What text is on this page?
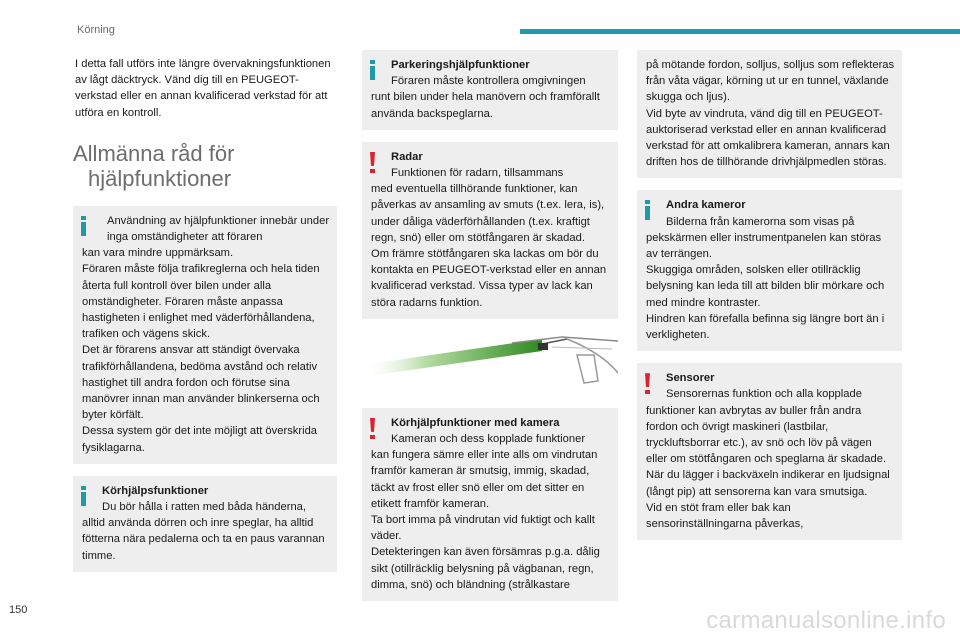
Körning

I detta fall utförs inte längre övervakningsfunktionen av lågt däcktryck. Vänd dig till en PEUGEOT-verkstad eller en annan kvalificerad verkstad för att utföra en kontroll.

Allmänna råd för
hjälpfunktioner
Användning av hjälpfunktioner innebär under inga omständigheter att föraren
kan vara mindre uppmärksam.
Föraren måste följa trafikreglerna och hela tiden återta full kontroll över bilen under alla omständigheter. Föraren måste anpassa hastigheten i enlighet med väderförhållandena, trafiken och vägens skick.
Det är förarens ansvar att ständigt övervaka trafikförhållandena, bedöma avstånd och relativ hastighet till andra fordon och förutse sina manövrer innan man använder blinkerserna och byter körfält.
Dessa system gör det inte möjligt att överskrida fysiklagarna.
Körhjälpsfunktioner
Du bör hålla i ratten med båda händerna,
alltid använda dörren och inre speglar, ha alltid fötterna nära pedalerna och ta en paus varannan timme.
Parkeringshjälpfunktioner
Föraren måste kontrollera omgivningen
runt bilen under hela manövern och framförallt använda backspeglarna.
Radar
Funktionen för radarn, tillsammans
med eventuella tillhörande funktioner, kan påverkas av ansamling av smuts (t.ex. lera, is), under dåliga väderförhållanden (t.ex. kraftigt regn, snö) eller om stötfångaren är skadad.
Om främre stötfångaren ska lackas om bör du kontakta en PEUGEOT-verkstad eller en annan kvalificerad verkstad. Vissa typer av lack kan störa radarns funktion.
Körhjälpfunktioner med kamera
Kameran och dess kopplade funktioner
kan fungera sämre eller inte alls om vindrutan framför kameran är smutsig, immig, skadad, täckt av frost eller snö eller om det sitter en etikett framför kameran.
Ta bort imma på vindrutan vid fuktigt och kallt väder.
Detekteringen kan även försämras p.g.a. dålig sikt (otillräcklig belysning på vägbanan, regn, dimma, snö) och bländning (strålkastare
på mötande fordon, solljus, solljus som reflekteras från våta vägar, körning ut ur en tunnel, växlande skugga och ljus).
Vid byte av vindruta, vänd dig till en PEUGEOT-auktoriserad verkstad eller en annan kvalificerad verkstad för att omkalibrera kameran, annars kan driften hos de tillhörande drivhjälpmedlen störas.
Andra kameror
Bilderna från kamerorna som visas på
pekskärmen eller instrumentpanelen kan störas av terrängen.
Skuggiga områden, solsken eller otillräcklig belysning kan leda till att bilden blir mörkare och med mindre kontraster.
Hindren kan förefalla befinna sig längre bort än i verkligheten.
Sensorer
Sensorernas funktion och alla kopplade
funktioner kan avbrytas av buller från andra fordon och övrigt maskineri (lastbilar, tryckluftsborrar etc.), av snö och löv på vägen eller om stötfångaren och speglarna är skadade.
När du lägger i backväxeln indikerar en ljudsignal (långt pip) att sensorerna kan vara smutsiga.
Vid en stöt fram eller bak kan sensorinställningarna påverkas,
150	carmanualsonline.info
